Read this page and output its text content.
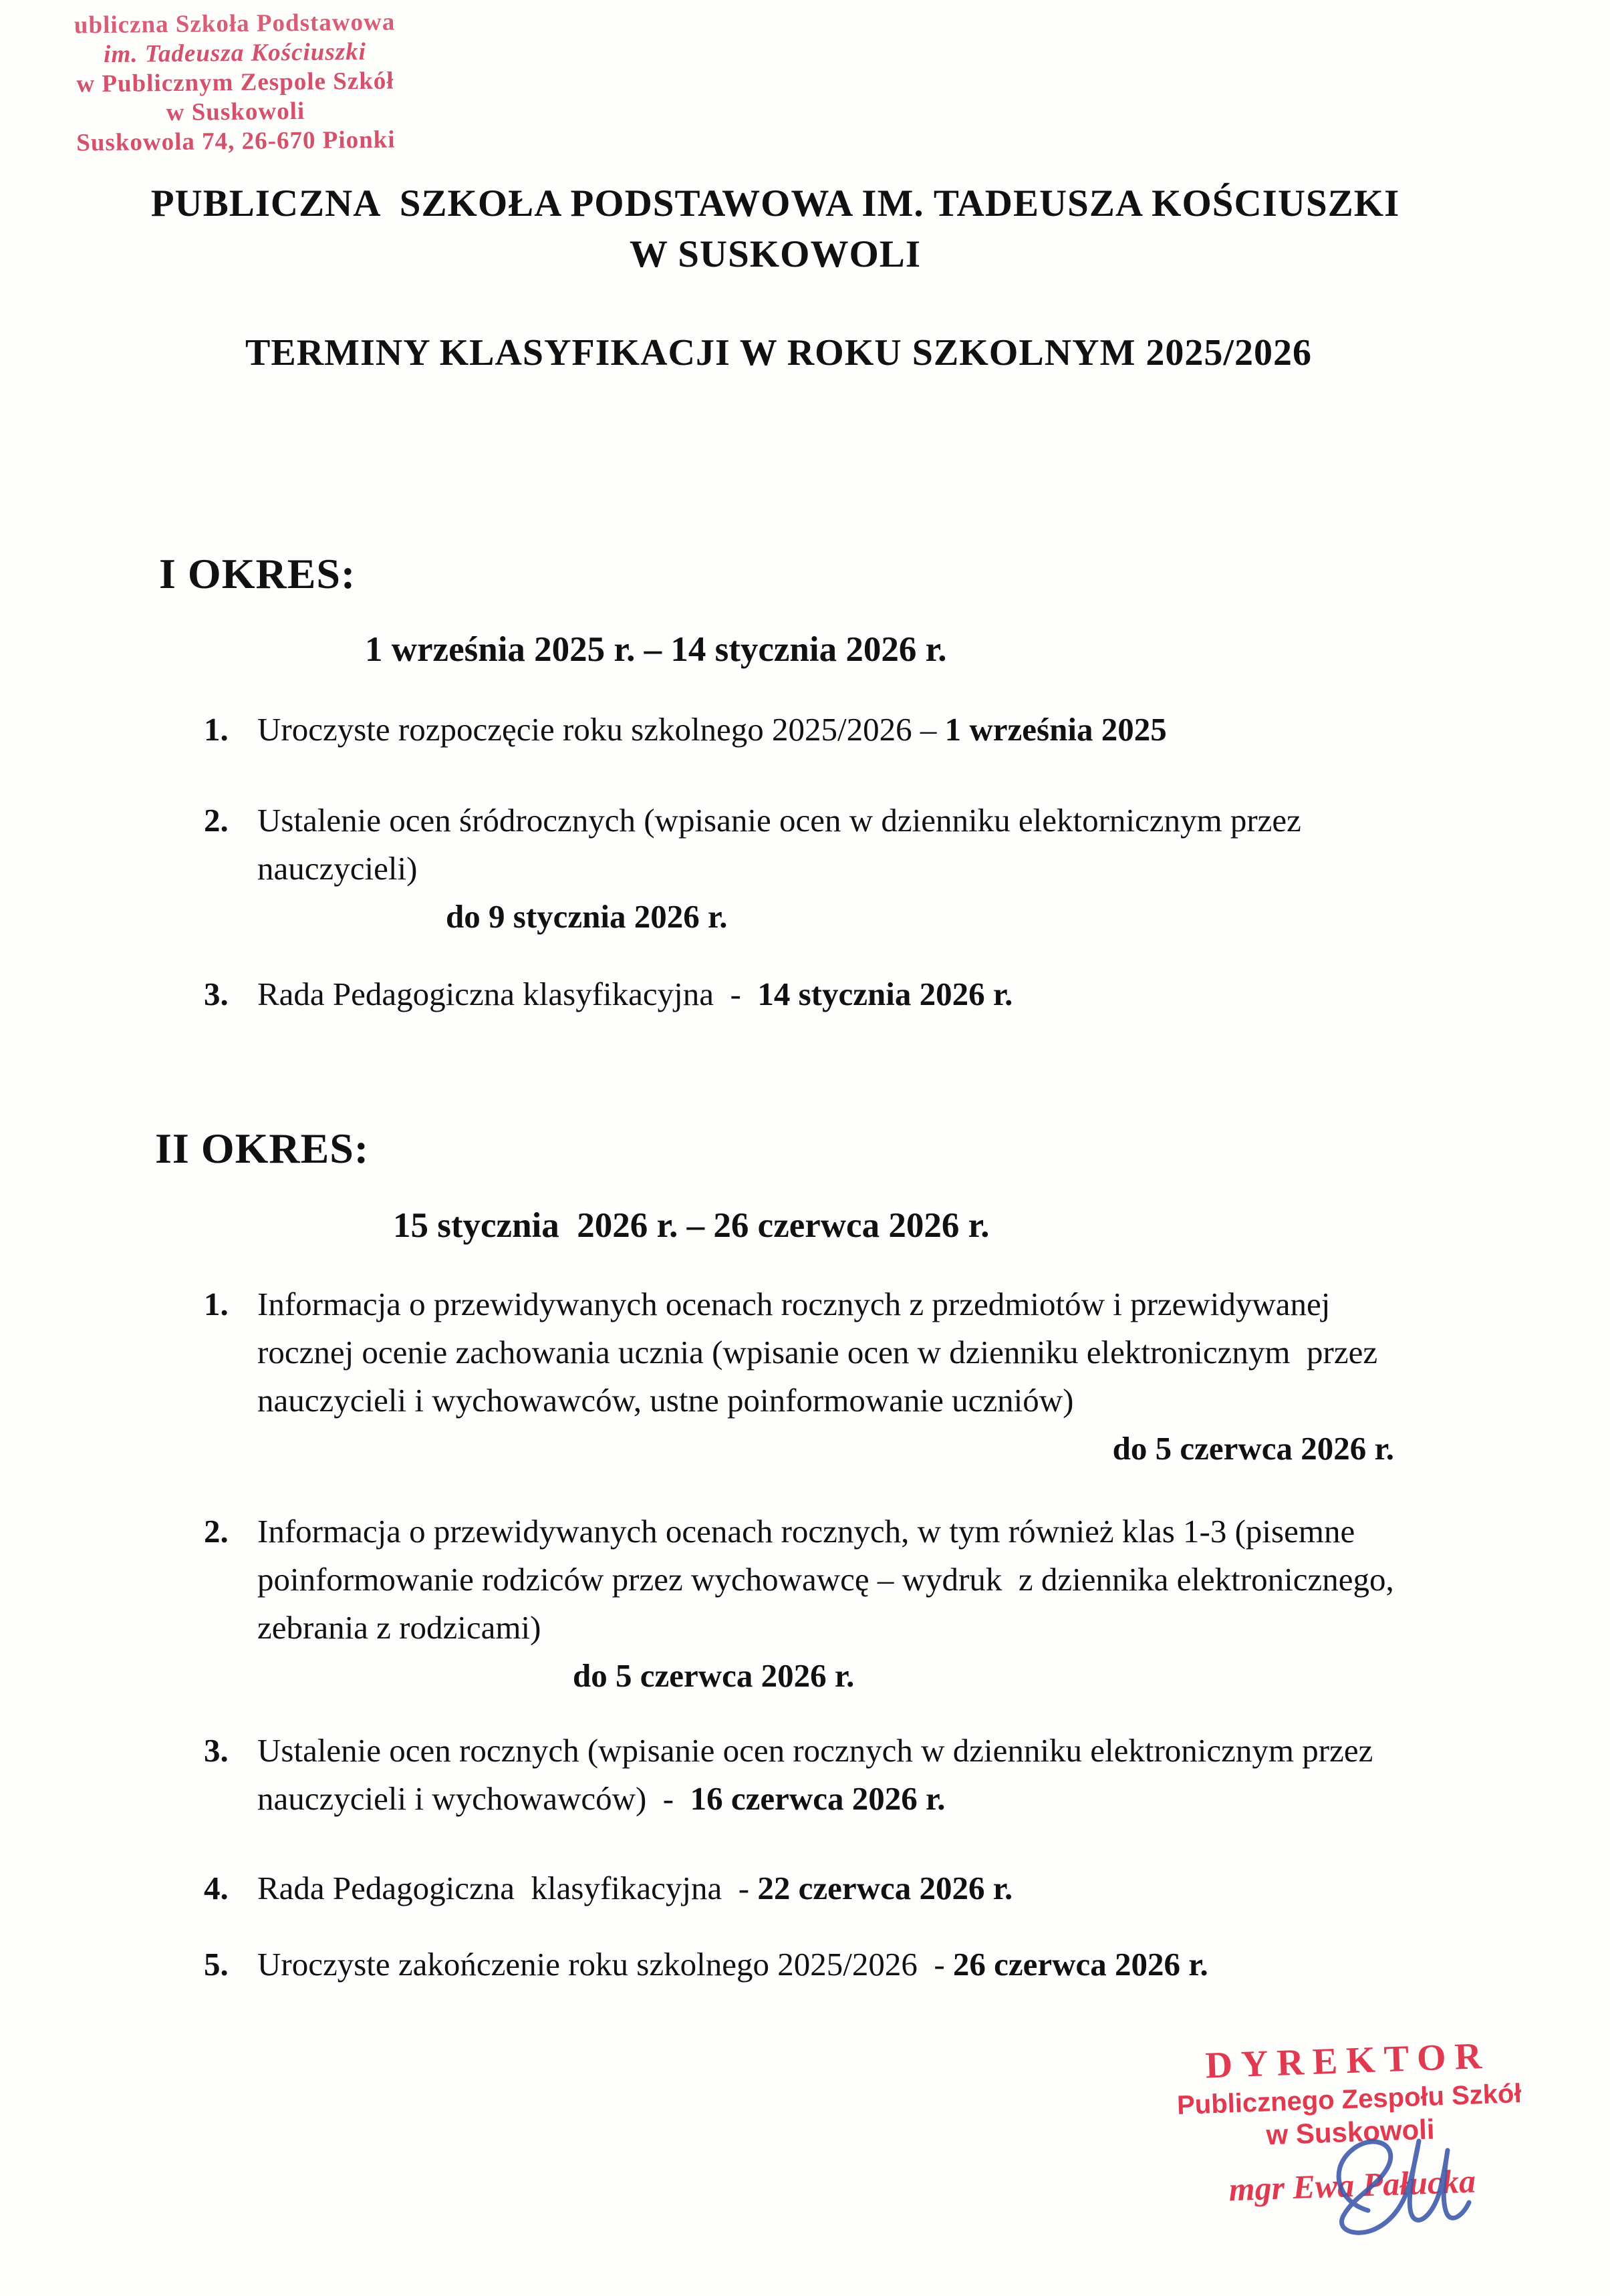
ubliczna Szkoła Podstawowa
im. Tadeusza Kościuszki
w Publicznym Zespole Szkół
w Suskowoli
Suskowola 74, 26-670 Pionki
PUBLICZNA  SZKOŁA PODSTAWOWA IM. TADEUSZA KOŚCIUSZKI
W SUSKOWOLI
TERMINY KLASYFIKACJI W ROKU SZKOLNYM 2025/2026
I OKRES:
1 września 2025 r. – 14 stycznia 2026 r.
1. Uroczyste rozpoczęcie roku szkolnego 2025/2026 – 1 września 2025
2. Ustalenie ocen śródrocznych (wpisanie ocen w dzienniku elektornicznym przez
nauczycieli)
do 9 stycznia 2026 r.
3. Rada Pedagogiczna klasyfikacyjna  -  14 stycznia 2026 r.
II OKRES:
15 stycznia  2026 r. – 26 czerwca 2026 r.
1. Informacja o przewidywanych ocenach rocznych z przedmiotów i przewidywanej
rocznej ocenie zachowania ucznia (wpisanie ocen w dzienniku elektronicznym  przez
nauczycieli i wychowawców, ustne poinformowanie uczniów)
do 5 czerwca 2026 r.
2. Informacja o przewidywanych ocenach rocznych, w tym również klas 1-3 (pisemne
poinformowanie rodziców przez wychowawcę – wydruk  z dziennika elektronicznego,
zebrania z rodzicami)
do 5 czerwca 2026 r.
3. Ustalenie ocen rocznych (wpisanie ocen rocznych w dzienniku elektronicznym przez
nauczycieli i wychowawców)  -  16 czerwca 2026 r.
4. Rada Pedagogiczna  klasyfikacyjna  - 22 czerwca 2026 r.
5. Uroczyste zakończenie roku szkolnego 2025/2026  - 26 czerwca 2026 r.
DYREKTOR
Publicznego Zespołu Szkół
w Suskowoli
mgr Ewa Pałucka
